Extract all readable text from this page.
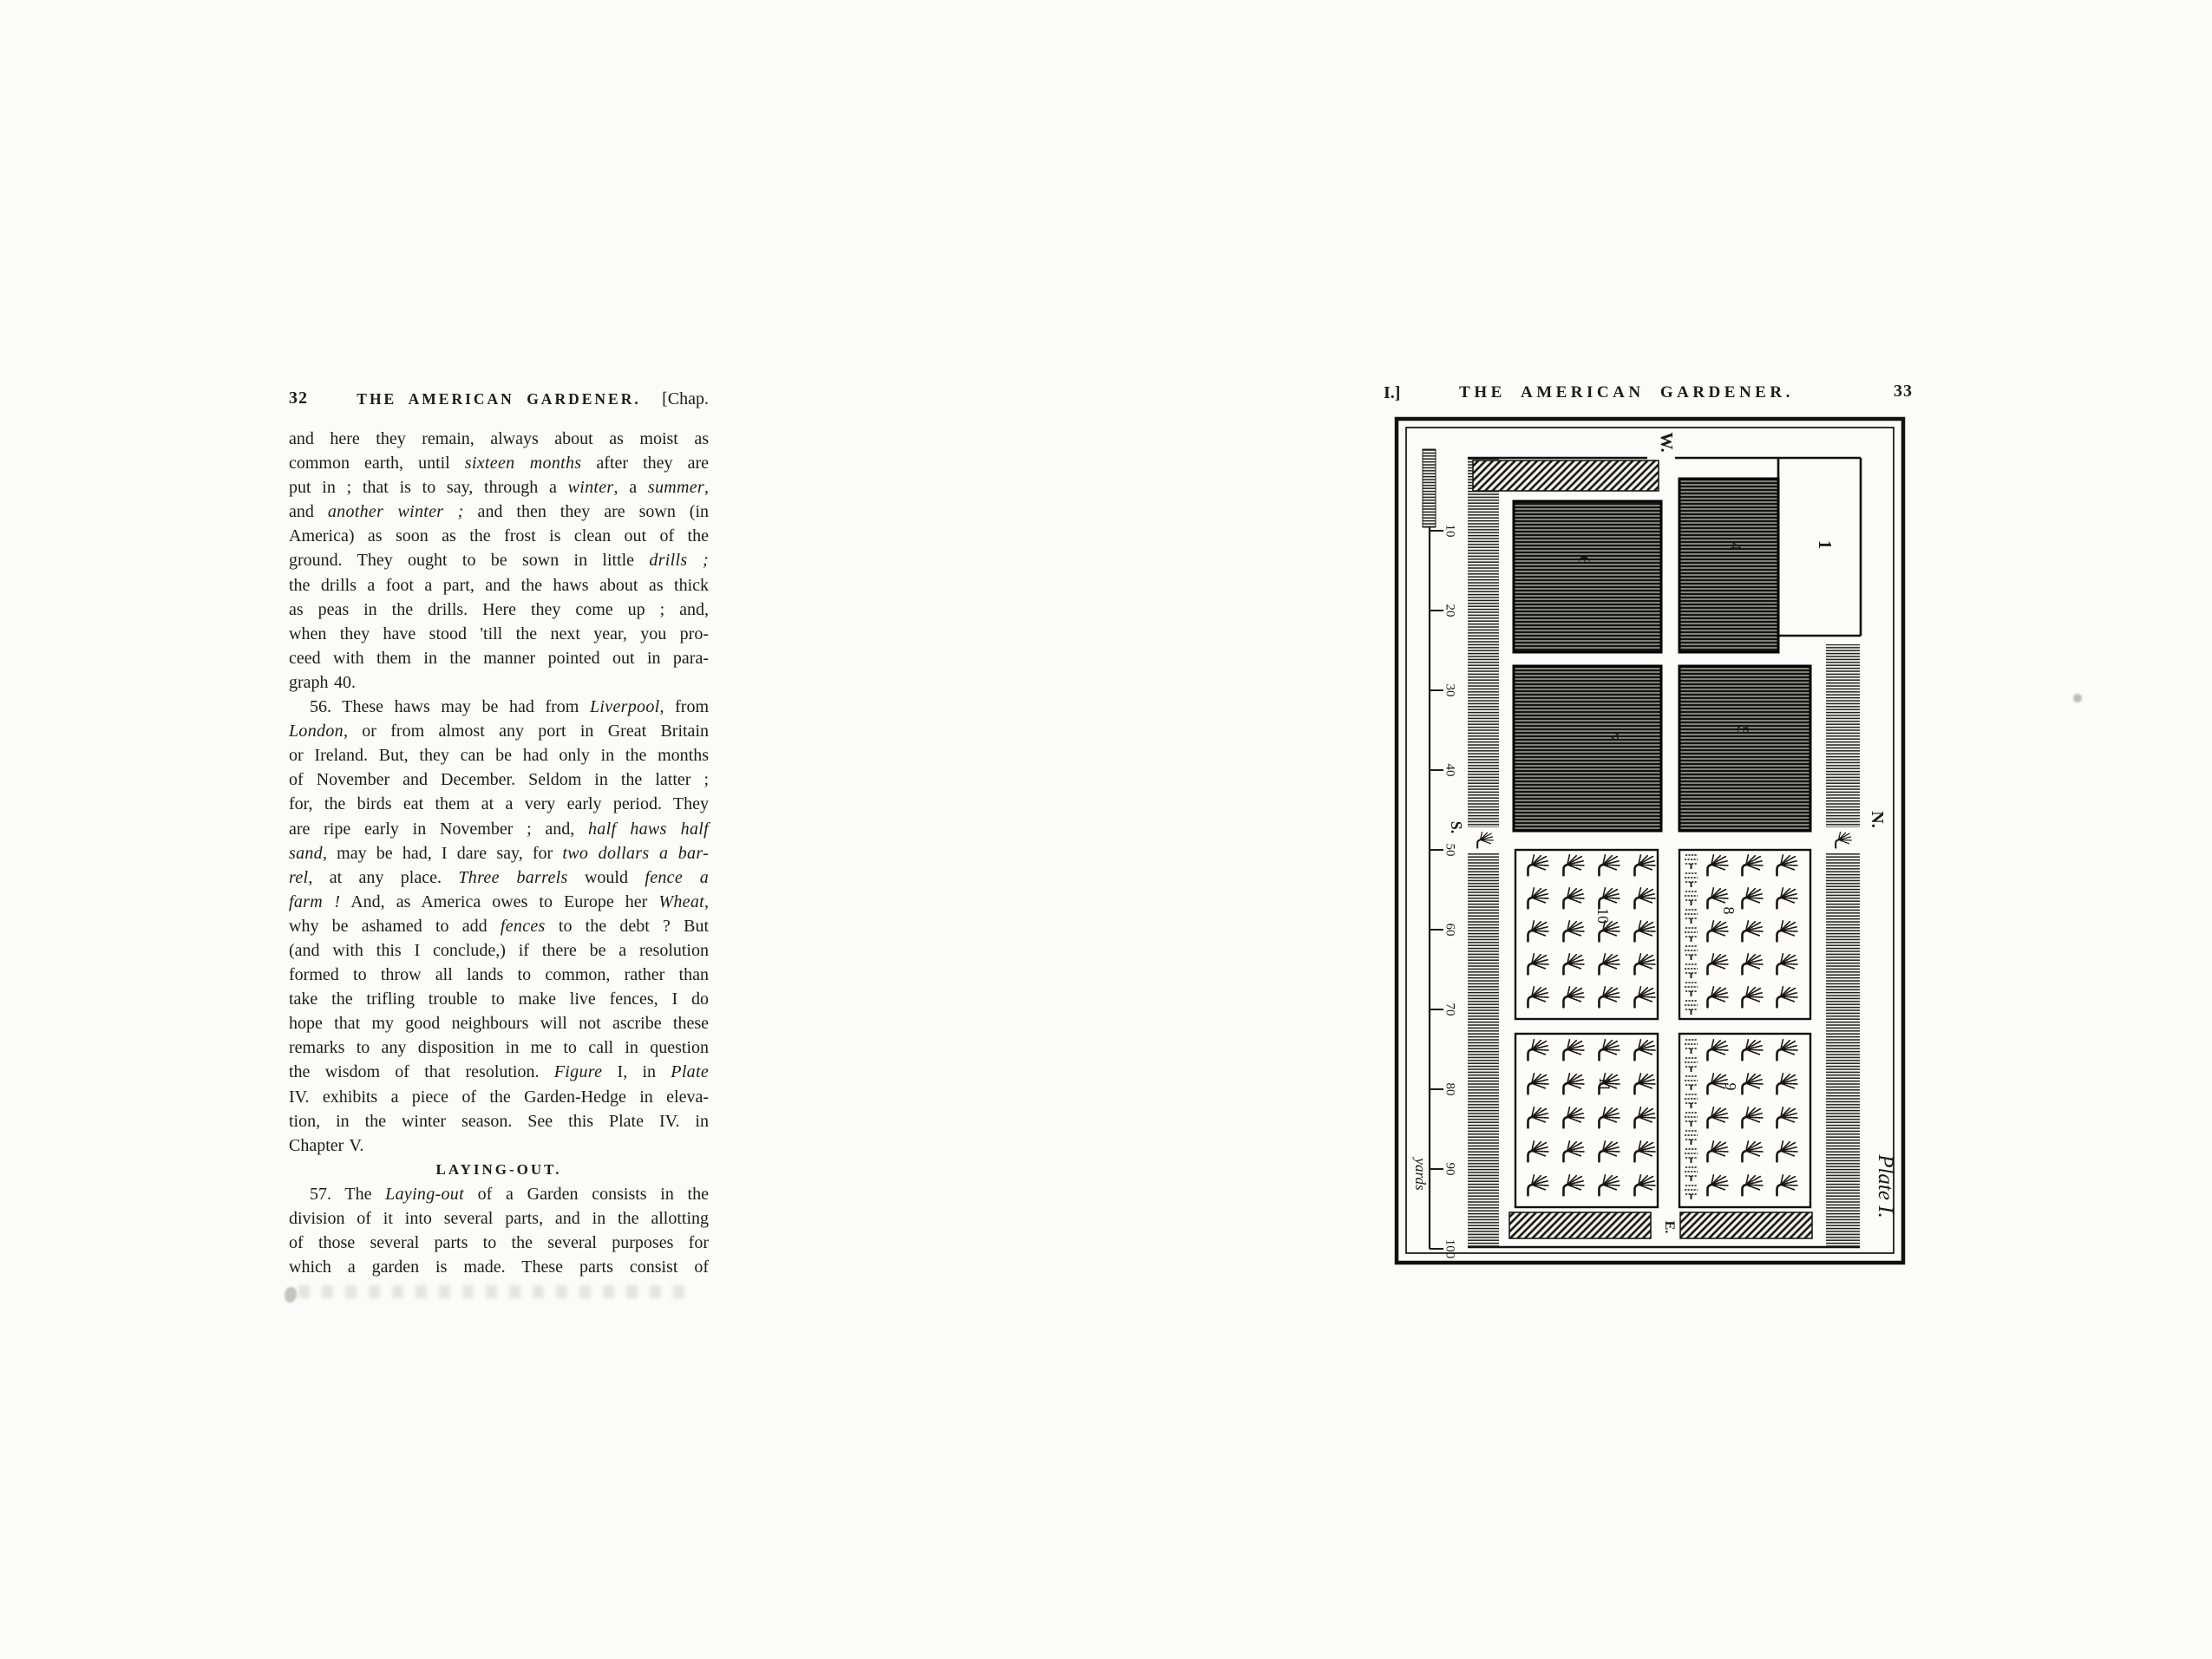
32	THE AMERICAN GARDENER.	[Chap.
and here they remain, always about as moist as
common earth, until sixteen months after they are
put in ; that is to say, through a winter, a summer,
and another winter ; and then they are sown (in
America) as soon as the frost is clean out of the
ground. They ought to be sown in little drills ;
the drills a foot a part, and the haws about as thick
as peas in the drills. Here they come up ; and,
when they have stood 'till the next year, you pro-
ceed with them in the manner pointed out in para-
graph 40.
56. These haws may be had from Liverpool, from
London, or from almost any port in Great Britain
or Ireland. But, they can be had only in the months
of November and December. Seldom in the latter ;
for, the birds eat them at a very early period. They
are ripe early in November ; and, half haws half
sand, may be had, I dare say, for two dollars a bar-
rel, at any place. Three barrels would fence a
farm ! And, as America owes to Europe her Wheat,
why be ashamed to add fences to the debt ? But
(and with this I conclude,) if there be a resolution
formed to throw all lands to common, rather than
take the trifling trouble to make live fences, I do
hope that my good neighbours will not ascribe these
remarks to any disposition in me to call in question
the wisdom of that resolution. Figure I, in Plate
IV. exhibits a piece of the Garden-Hedge in eleva-
tion, in the winter season. See this Plate IV. in
Chapter V.
LAYING-OUT.
57. The Laying-out of a Garden consists in the
division of it into several parts, and in the allotting
of those several parts to the several purposes for
which a garden is made. These parts consist of
I.]	THE AMERICAN GARDENER.	33
10
20
30
40
50
60
70
80
90
100
yards
1
6
4
7
5
10	8
11	9
W.
N.
S.
E.
Plate I.
